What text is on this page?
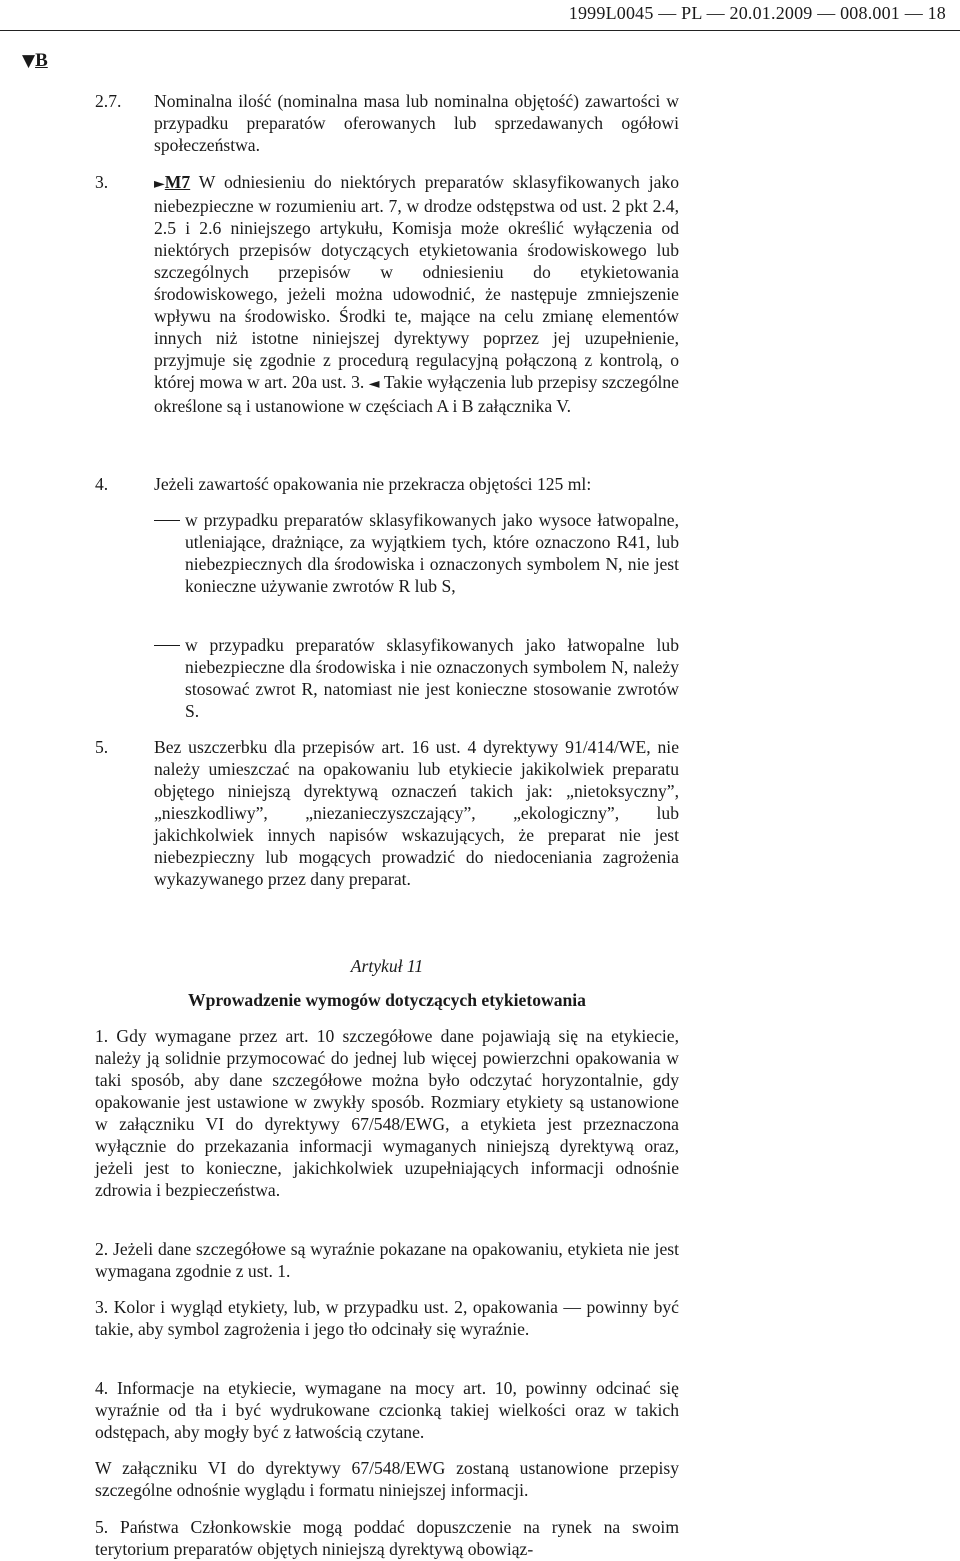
1999L0045 — PL — 20.01.2009 — 008.001 — 18
▼B
2.7. Nominalna ilość (nominalna masa lub nominalna objętość) zawartości w przypadku preparatów oferowanych lub sprzedawanych ogółowi społeczeństwa.

3.	►M7 W odniesieniu do niektórych preparatów sklasyfikowanych jako niebezpieczne w rozumieniu art. 7, w drodze odstępstwa od ust. 2 pkt 2.4, 2.5 i 2.6 niniejszego artykułu, Komisja może określić wyłączenia od niektórych przepisów dotyczących etykietowania środowiskowego lub szczególnych przepisów w odniesieniu do etykietowania środowiskowego, jeżeli można udowodnić, że następuje zmniejszenie wpływu na środowisko. Środki te, mające na celu zmianę elementów innych niż istotne niniejszej dyrektywy poprzez jej uzupełnienie, przyjmuje się zgodnie z procedurą regulacyjną połączoną z kontrolą, o której mowa w art. 20a ust. 3. ◄ Takie wyłączenia lub przepisy szczególne określone są i ustanowione w częściach A i B załącznika V.

4.	Jeżeli zawartość opakowania nie przekracza objętości 125 ml:

w przypadku preparatów sklasyfikowanych jako wysoce łatwopalne, utleniające, drażniące, za wyjątkiem tych, które oznaczono R41, lub niebezpiecznych dla środowiska i oznaczonych symbolem N, nie jest konieczne używanie zwrotów R lub S,

w przypadku preparatów sklasyfikowanych jako łatwopalne lub niebezpieczne dla środowiska i nie oznaczonych symbolem N, należy stosować zwrot R, natomiast nie jest konieczne stosowanie zwrotów S.

5.	Bez uszczerbku dla przepisów art. 16 ust. 4 dyrektywy 91/414/WE, nie należy umieszczać na opakowaniu lub etykiecie jakikolwiek preparatu objętego niniejszą dyrektywą oznaczeń takich jak: „nietoksyczny”, „nieszkodliwy”, „niezanieczyszczający”, „ekologiczny”, lub jakichkolwiek innych napisów wskazujących, że preparat nie jest niebezpieczny lub mogących prowadzić do niedoceniania zagrożenia wykazywanego przez dany preparat.

Artykuł 11

Wprowadzenie wymogów dotyczących etykietowania

1. Gdy wymagane przez art. 10 szczegółowe dane pojawiają się na etykiecie, należy ją solidnie przymocować do jednej lub więcej powierzchni opakowania w taki sposób, aby dane szczegółowe można było odczytać horyzontalnie, gdy opakowanie jest ustawione w zwykły sposób. Rozmiary etykiety są ustanowione w załączniku VI do dyrektywy 67/548/EWG, a etykieta jest przeznaczona wyłącznie do przekazania informacji wymaganych niniejszą dyrektywą oraz, jeżeli jest to konieczne, jakichkolwiek uzupełniających informacji odnośnie zdrowia i bezpieczeństwa.

2. Jeżeli dane szczegółowe są wyraźnie pokazane na opakowaniu, etykieta nie jest wymagana zgodnie z ust. 1.

3. Kolor i wygląd etykiety, lub, w przypadku ust. 2, opakowania — powinny być takie, aby symbol zagrożenia i jego tło odcinały się wyraźnie.

4. Informacje na etykiecie, wymagane na mocy art. 10, powinny odcinać się wyraźnie od tła i być wydrukowane czcionką takiej wielkości oraz w takich odstępach, aby mogły być z łatwością czytane.

W załączniku VI do dyrektywy 67/548/EWG zostaną ustanowione przepisy szczególne odnośnie wyglądu i formatu niniejszej informacji.

5. Państwa Członkowskie mogą poddać dopuszczenie na rynek na swoim terytorium preparatów objętych niniejszą dyrektywą obowiąz-
